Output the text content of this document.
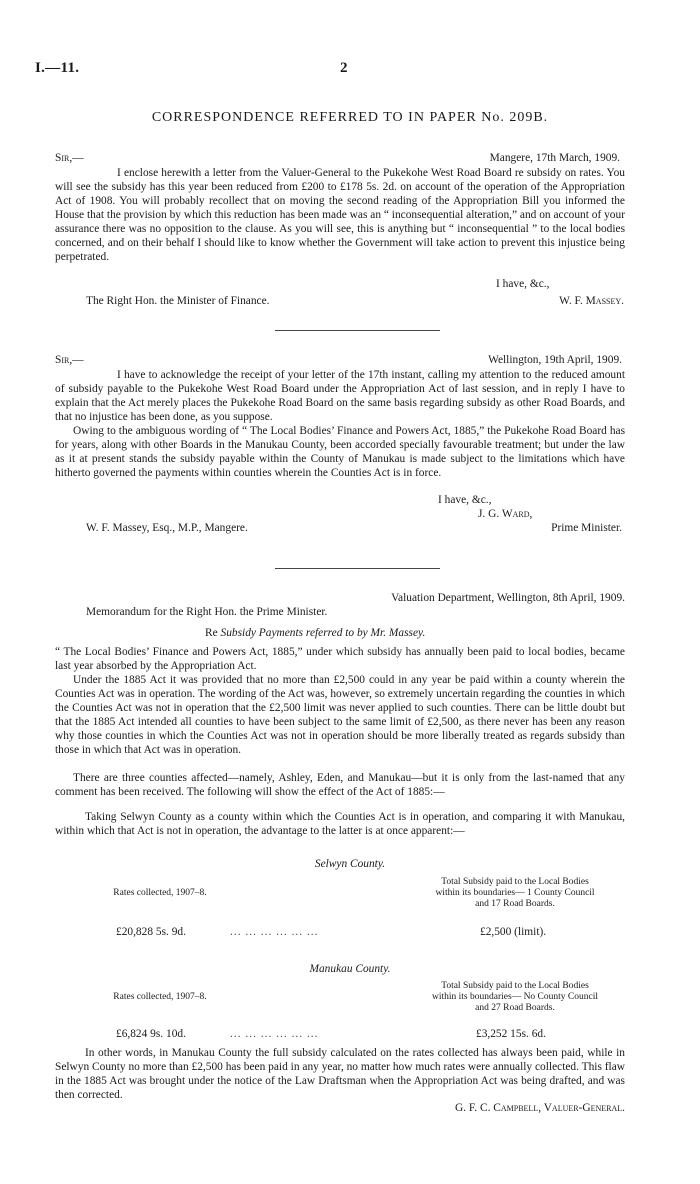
I.—11.	2
CORRESPONDENCE REFERRED TO IN PAPER No. 209B.
Sir,—	Mangere, 17th March, 1909.
I enclose herewith a letter from the Valuer-General to the Pukekohe West Road Board re subsidy on rates. You will see the subsidy has this year been reduced from £200 to £178 5s. 2d. on account of the operation of the Appropriation Act of 1908. You will probably recollect that on moving the second reading of the Appropriation Bill you informed the House that the provision by which this reduction has been made was an “ inconsequential alteration,” and on account of your assurance there was no opposition to the clause. As you will see, this is anything but “ inconsequential ” to the local bodies concerned, and on their behalf I should like to know whether the Government will take action to prevent this injustice being perpetrated.
I have, &c.,
The Right Hon. the Minister of Finance.	W. F. Massey.
Sir,—	Wellington, 19th April, 1909.
I have to acknowledge the receipt of your letter of the 17th instant, calling my attention to the reduced amount of subsidy payable to the Pukekohe West Road Board under the Appropriation Act of last session, and in reply I have to explain that the Act merely places the Pukekohe Road Board on the same basis regarding subsidy as other Road Boards, and that no injustice has been done, as you suppose.
Owing to the ambiguous wording of “ The Local Bodies’ Finance and Powers Act, 1885,” the Pukekohe Road Board has for years, along with other Boards in the Manukau County, been accorded specially favourable treatment; but under the law as it at present stands the subsidy payable within the County of Manukau is made subject to the limitations which have hitherto governed the payments within counties wherein the Counties Act is in force.
I have, &c.,
J. G. Ward,
W. F. Massey, Esq., M.P., Mangere.	Prime Minister.
Valuation Department, Wellington, 8th April, 1909.
Memorandum for the Right Hon. the Prime Minister.
Re Subsidy Payments referred to by Mr. Massey.
“ The Local Bodies’ Finance and Powers Act, 1885,” under which subsidy has annually been paid to local bodies, became last year absorbed by the Appropriation Act.
Under the 1885 Act it was provided that no more than £2,500 could in any year be paid within a county wherein the Counties Act was in operation. The wording of the Act was, however, so extremely uncertain regarding the counties in which the Counties Act was not in operation that the £2,500 limit was never applied to such counties. There can be little doubt but that the 1885 Act intended all counties to have been subject to the same limit of £2,500, as there never has been any reason why those counties in which the Counties Act was not in operation should be more liberally treated as regards subsidy than those in which that Act was in operation.
There are three counties affected—namely, Ashley, Eden, and Manukau—but it is only from the last-named that any comment has been received. The following will show the effect of the Act of 1885:—
Taking Selwyn County as a county within which the Counties Act is in operation, and comparing it with Manukau, within which that Act is not in operation, the advantage to the latter is at once apparent:—
Selwyn County.
Rates collected, 1907–8.
Total Subsidy paid to the Local Bodies within its boundaries— 1 County Council and 17 Road Boards.
£20,828 5s. 9d.	... ... ... ... ... ...	£2,500 (limit).
Manukau County.
Rates collected, 1907–8.
Total Subsidy paid to the Local Bodies within its boundaries— No County Council and 27 Road Boards.
£6,824 9s. 10d.	... ... ... ... ... ...	£3,252 15s. 6d.
In other words, in Manukau County the full subsidy calculated on the rates collected has always been paid, while in Selwyn County no more than £2,500 has been paid in any year, no matter how much rates were annually collected. This flaw in the 1885 Act was brought under the notice of the Law Draftsman when the Appropriation Act was being drafted, and was then corrected.
G. F. C. Campbell, Valuer-General.
